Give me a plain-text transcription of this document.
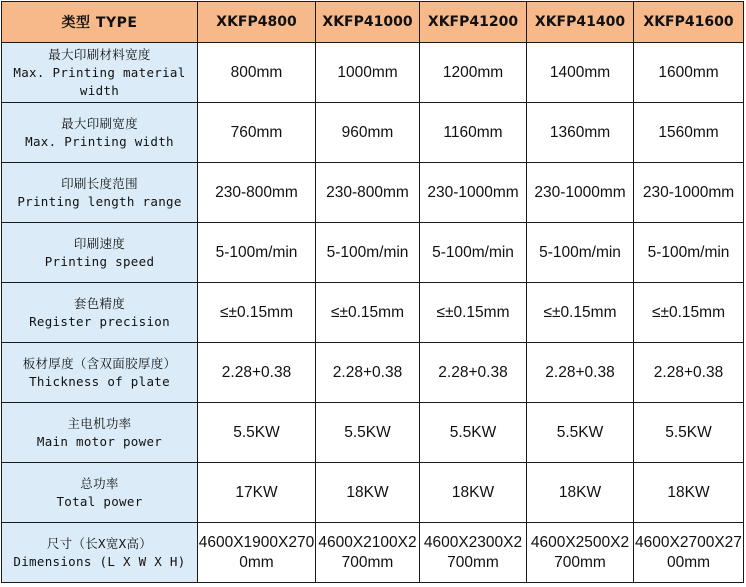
类型 TYPE	XKFP4800	XKFP41000	XKFP41200	XKFP41400	XKFP41600

最大印刷材料宽度
Max. Printing material width	800mm	1000mm	1200mm	1400mm	1600mm

最大印刷宽度
Max. Printing width	760mm	960mm	1160mm	1360mm	1560mm

印刷长度范围
Printing length range	230-800mm	230-800mm	230-1000mm	230-1000mm	230-1000mm

印刷速度
Printing speed	5-100m/min	5-100m/min	5-100m/min	5-100m/min	5-100m/min

套色精度
Register precision	≤±0.15mm	≤±0.15mm	≤±0.15mm	≤±0.15mm	≤±0.15mm

板材厚度（含双面胶厚度）
Thickness of plate	2.28+0.38	2.28+0.38	2.28+0.38	2.28+0.38	2.28+0.38

主电机功率
Main motor power	5.5KW	5.5KW	5.5KW	5.5KW	5.5KW

总功率
Total power	17KW	18KW	18KW	18KW	18KW

尺寸（长X宽X高）
Dimensions (L X W X H)	4600X1900X2700mm	4600X2100X2700mm	4600X2300X2700mm	4600X2500X2700mm	4600X2700X2700mm
